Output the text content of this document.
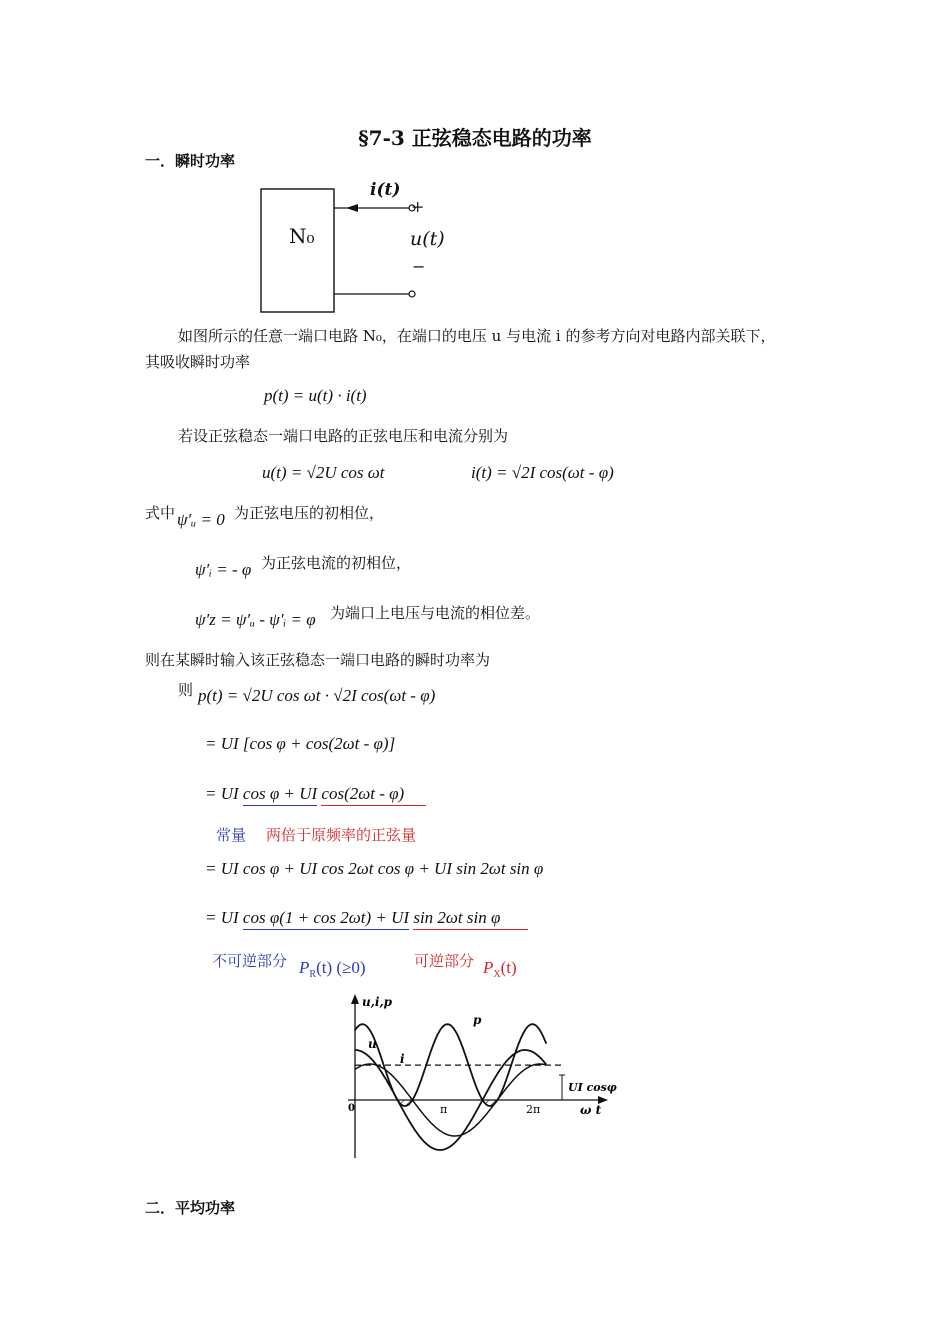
§7-3 正弦稳态电路的功率
一．瞬时功率
N₀
i(t)
+
u(t)
−
如图所示的任意一端口电路 N₀，在端口的电压 u 与电流 i 的参考方向对电路内部关联下，
其吸收瞬时功率
p(t) = u(t) · i(t)
若设正弦稳态一端口电路的正弦电压和电流分别为
u(t) = √2U cos ωt	i(t) = √2I cos(ωt - φ)
式中 ψ′ᵤ = 0 为正弦电压的初相位，
ψ′ᵢ = - φ 为正弦电流的初相位，
ψ′z = ψ′ᵤ - ψ′ᵢ = φ 为端口上电压与电流的相位差。
则在某瞬时输入该正弦稳态一端口电路的瞬时功率为
则 p(t) = √2U cos ωt · √2I cos(ωt - φ)
= UI [cos φ + cos(2ωt - φ)]
= UI cos φ + UI cos(2ωt - φ)
常量 两倍于原频率的正弦量
= UI cos φ + UI cos 2ωt cos φ + UI sin 2ωt sin φ
= UI cos φ(1 + cos 2ωt) + UI sin 2ωt sin φ
不可逆部分 $P_R(t)$ (≥0)	可逆部分 $P_X(t)$
u,i,p
u
i
p
0	π	2π	ω t
UI cosφ
二．平均功率
